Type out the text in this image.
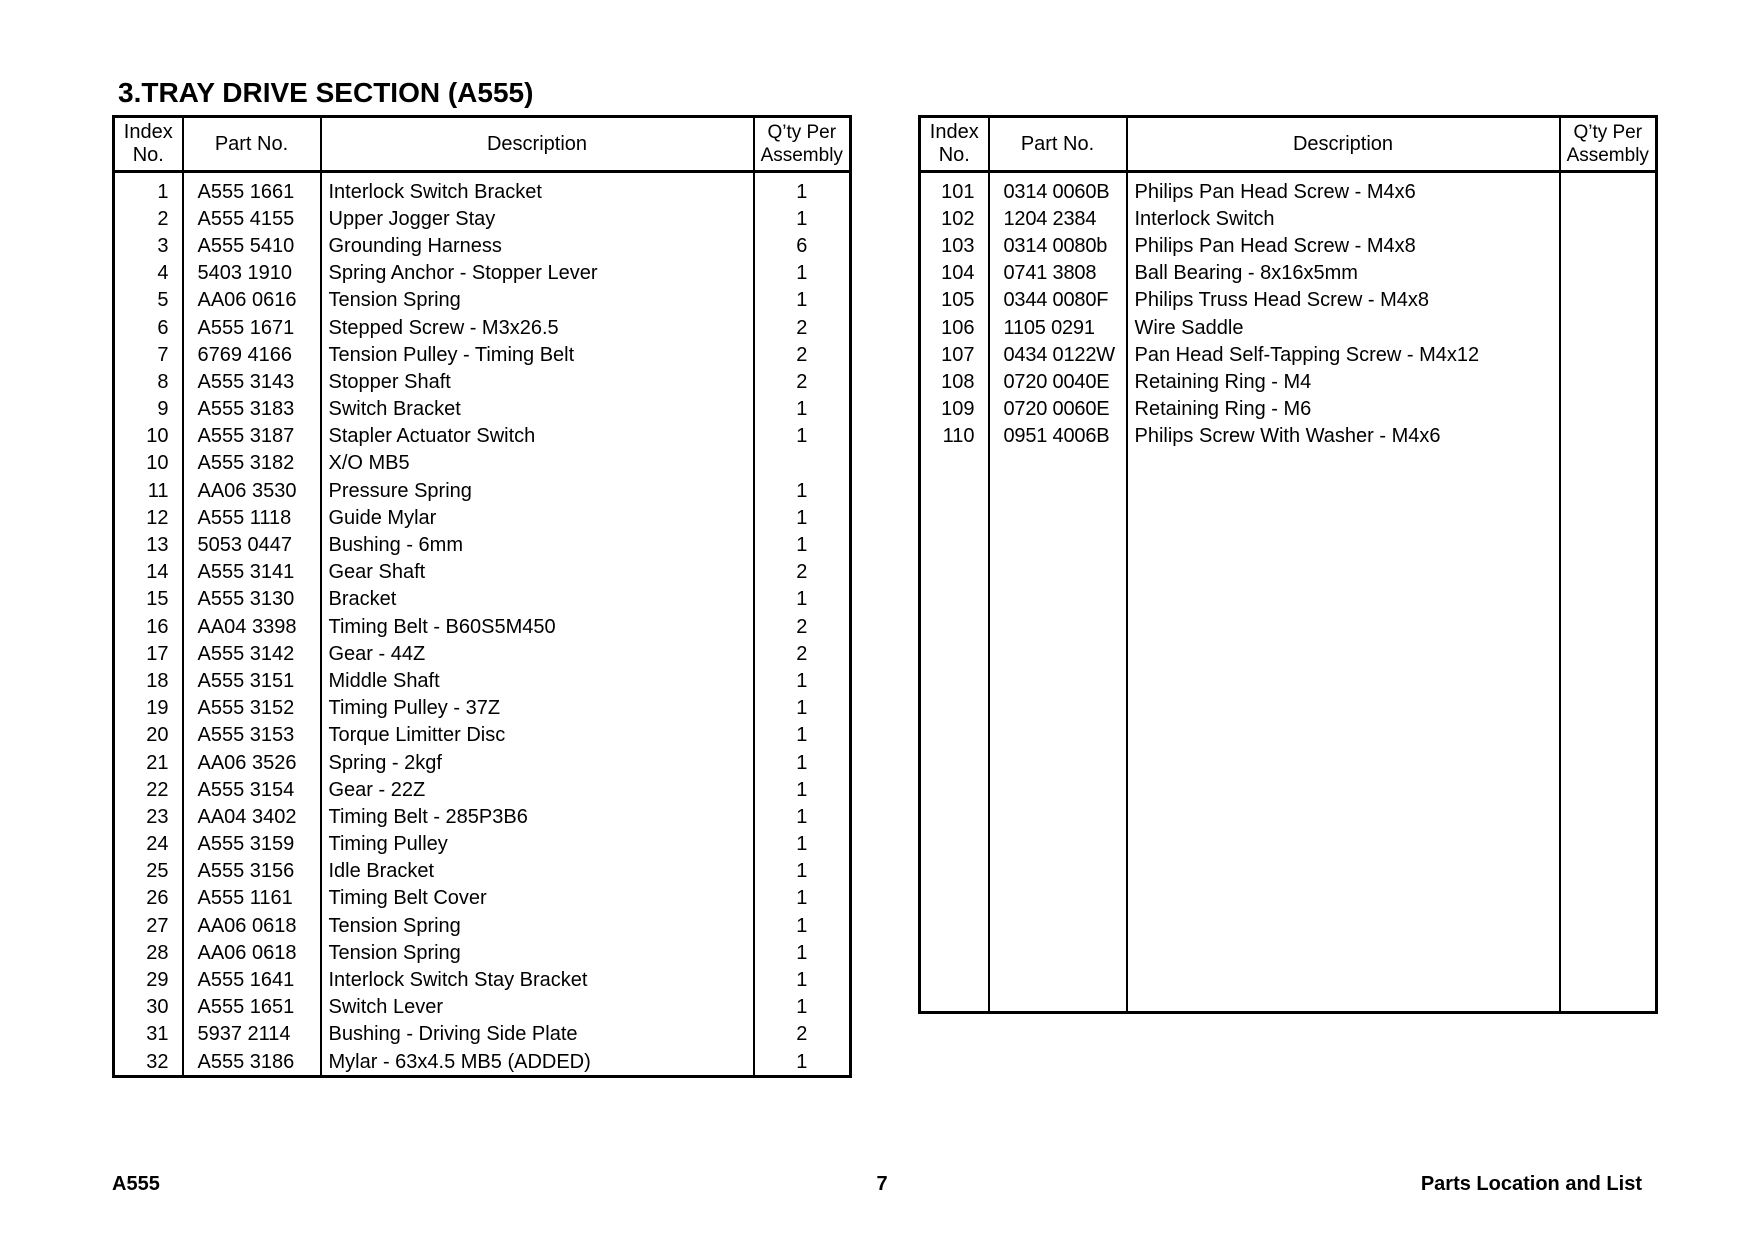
3.TRAY DRIVE SECTION (A555)
Index
No.	Part No.	Description	Q’ty Per
Assembly
1	A555 1661	Interlock Switch Bracket	1
2	A555 4155	Upper Jogger Stay	1
3	A555 5410	Grounding Harness	6
4	5403 1910	Spring Anchor - Stopper Lever	1
5	AA06 0616	Tension Spring	1
6	A555 1671	Stepped Screw - M3x26.5	2
7	6769 4166	Tension Pulley - Timing Belt	2
8	A555 3143	Stopper Shaft	2
9	A555 3183	Switch Bracket	1
10	A555 3187	Stapler Actuator Switch	1
10	A555 3182	X/O MB5	
11	AA06 3530	Pressure Spring	1
12	A555 1118	Guide Mylar	1
13	5053 0447	Bushing - 6mm	1
14	A555 3141	Gear Shaft	2
15	A555 3130	Bracket	1
16	AA04 3398	Timing Belt - B60S5M450	2
17	A555 3142	Gear - 44Z	2
18	A555 3151	Middle Shaft	1
19	A555 3152	Timing Pulley - 37Z	1
20	A555 3153	Torque Limitter Disc	1
21	AA06 3526	Spring - 2kgf	1
22	A555 3154	Gear - 22Z	1
23	AA04 3402	Timing Belt - 285P3B6	1
24	A555 3159	Timing Pulley	1
25	A555 3156	Idle Bracket	1
26	A555 1161	Timing Belt Cover	1
27	AA06 0618	Tension Spring	1
28	AA06 0618	Tension Spring	1
29	A555 1641	Interlock Switch Stay Bracket	1
30	A555 1651	Switch Lever	1
31	5937 2114	Bushing - Driving Side Plate	2
32	A555 3186	Mylar - 63x4.5 MB5 (ADDED)	1
Index
No.	Part No.	Description	Q’ty Per
Assembly
101	0314 0060B	Philips Pan Head Screw - M4x6	
102	1204 2384	Interlock Switch	
103	0314 0080b	Philips Pan Head Screw - M4x8	
104	0741 3808	Ball Bearing - 8x16x5mm	
105	0344 0080F	Philips Truss Head Screw - M4x8	
106	1105 0291	Wire Saddle	
107	0434 0122W	Pan Head Self-Tapping Screw - M4x12	
108	0720 0040E	Retaining Ring - M4	
109	0720 0060E	Retaining Ring - M6	
110	0951 4006B	Philips Screw With Washer - M4x6	

A555	7	Parts Location and List
